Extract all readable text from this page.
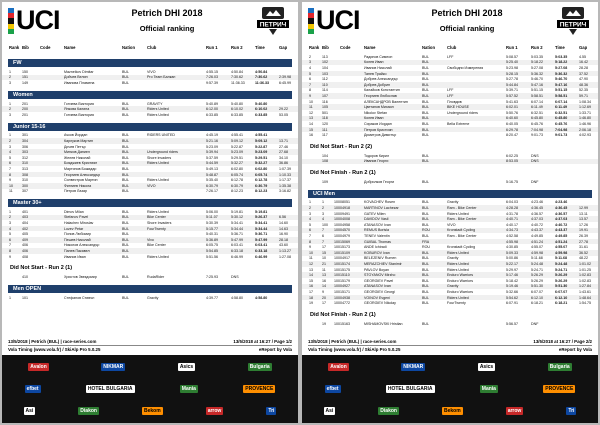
UCI	Petrich DHI 2018
Official ranking	ПЕТРИЧ
Rank Bib	Code	Name	Nation	Club	Run 1	Run 2	Time	Gap
FW
1	150	Mazneikov Dimitar	BUL	VIVO	4:55.15	4:50.84	4:50.84
2	151	Дойчев Велин	BUL	Pro Team Балкан	7:26.03	7:30.62	7:30.62	2:39.98
3	149	Иванова Пламена	BUL	9:57.39	11:36.33	11:36.33	6:45.99
Women
1	201	Гончева Виктория	BUL	GRAVITY	5:40.89	5:40.80	5:40.80
2	200	Янкова Калина	BUL	Riders United	6:12.00	6:10.02	6:10.02	29.22
3	201	Гончева Виктория	BUL	Riders United	6:33.85	6:33.85	6:33.85	53.05
Junior 15-16
1	301	Ачков Йордан	BUL	RIDERS UNITED	4:45.19	4:55.41	4:55.41
2	304	Карлуков Мартин	BUL	5:21.16	5:09.12	5:09.12	13.71
3	306	Дичев Петър	BUL	5:23.09	5:22.87	5:22.87	27.46
4	303	Минков Даниел	BUL	Underground riders	5:39.94	5:23.09	5:23.09	27.68
5	312	Желев Николай	BUL	Shore invaders	5:37.59	5:29.51	5:29.51	34.10
6	310	Бояджиев Кристиян	BUL	Riders United	5:44.59	5:32.27	5:32.27	36.86
7	313	Мартинов Божидар	BUL	5:49.13	6:02.80	6:02.80	1:07.39
8	308	Георгиев Александър	BUL	5:48.87	6:05.74	6:05.74	1:10.33
9	310	Силвестров Мартин	BUL	Riders United	5:35.40	6:12.78	6:12.78	1:17.37
10	300	Фингиев Никола	BUL	VIVO	6:30.79	6:30.79	6:30.79	1:35.38
11	307	Петров Лазар	BUL	7:26.17	8:12.23	8:12.23	3:16.82
Master 30+
1	401	Dimov Milan	BUL	Riders United	5:06.00	5:19.81	5:19.81
2	403	Stefanov Pavel	BUL	Bike Center	5:11.07	5:30.12	5:26.37	6.56
3	404	Halachev Miroslav	BUL	Shore Invaders	5:30.39	5:34.41	5:34.41	14.60
4	402	Lozev Petar	BUL	FourTwenty	5:15.77	5:34.44	5:34.44	14.63
5	405	Попов Любомир	BUL	5:40.31	5:36.71	5:36.71	16.90
6	409	Пешев Николай	BUL	Vivo	5:36.89	5:47.99	5:47.99	28.18
7	406	Николов Александър	BUL	Bike Center	6:05.75	6:03.41	6:03.41	43.60
8	406	Панев Пакавел	BUL	5:54.85	6:33.18	6:33.18	1:13.27
9	408	Иванов Иван	BUL	Riders United	5:51.56	6:46.99	6:46.99	1:27.08
Did Not Start - Run 2 (1)
410	Христов Звездомир	BUL	RudaRider	7:25.93	DNS
Men OPEN
1	101	Стефанов Стивън	BUL	Gravity	4:39.77	4:58.80	4:58.80
13/5/2018 | Petrich (BUL) | race-series.com	13/5/2018 at 16:27 / Page 1/2
Vola Timing (www.vola.fr) / SkiAlp Pro 5.0.25	eReport by Vola
Avalon	NIKMAR	Asics	Bulgaria
efbet	HOTEL BULGARIA	Mania	PROVENCE
Asi	Diakon	Bekom	arrow	Tri
UCI	Petrich DHI 2018
Official ranking	ПЕТРИЧ
Rank Bib	Code	Name	Nation	Club	Run 1	Run 2	Time	Gap
2	113	Радинов Симеон	BUL	LFF	5:08.57	5:03.35	5:03.35	4.55
3	102	Колев Иван	BUL	5:25.40	5:18.22	5:18.22	16.42
4	104	Иванов Николай	BUL	Свободни Измерения	5:23.98	5:27.08	5:27.08	28.28
5	103	Танев Трайко	BUL	5:28.15	5:36.32	5:36.32	37.52
6	112	Добрев Александър	BUL	5:27.78	5:46.70	5:46.70	47.90
7	110	Добрев Добрин	BUL	5:44.84	5:47.16	5:47.16	48.36
8	114	Калайков Константин	BUL	LFF	5:39.71	5:51.15	5:51.15	52.35
9	107	Георгиев Любослав	BUL	LFF	5:57.52	5:58.51	5:58.51	59.71
10	116	АЛЕКСАНДРОВ Валентин	BUL	Пловдив	5:41.63	6:07.14	6:07.14	1:08.34
11	105	Цветанов Михаил	BUL	BIKE HOUSE	6:02.01	6:11.49	6:11.49	1:12.69
12	501	Nikolov Stefan	BUL	Underground riders	5:50.76	6:32.51	6:32.51	1:33.71
13	118	Колев Иван	BUL	6:40.60	6:45.80	6:45.80	1:46.80
14	120	Сираков Иордан	BUL	Bella Extreme	6:40.05	6:45.76	6:45.76	1:46.96
15	111	Петров Кристиян	BUL	6:29.78	7:04.98	7:04.98	2:06.18
16	117	Димитров Димитър	BUL	8:20.47	9:01.73	9:01.73	4:02.93
Did Not Start - Run 2 (2)
104	Тодоров Кирил	BUL	6:02.25	DNS
108	Иванов Георги	BUL	8:53.05	DNS
Did Not Finish - Run 2 (1)
109	Добрилков Георги	BUL	5:16.75	DNF
UCI Men
1	1	10008051	KOVACHEV Rosen	BUL	Gravity	6:04.03	4:23.46	4:23.46
2	2	10004918	MARTINOV Lachezar	BUL	Ram - Bike Center	4:28.28	4:36.45	4:36.45	12.99
3	3	10009491	GATEV Milen	BUL	Riders United	4:31.78	4:36.57	4:36.57	13.11
4	4	10004008	DAVIDOV Vasil	BUL	Ram - Bike Center	4:40.71	4:37.03	4:37.03	13.57
5	100 10004958	ATANASOV Ivan	BUL	VIVO	4:40.17	4:40.72	4:40.72	17.26
6	7	10004570	REMUS Borisla	ROU	Kronstadt Cycling	4:34.73	4:43.37	4:43.37	19.91
7	6	10004979	TENEV Valentin	BUL	Ram - Bike Center	4:52.58	4:49.85	4:49.85	26.39
8	7	10015069	GUIBAL Thomas	FRA	4:55.98	4:51.24	4:51.24	27.78
9	17 10015173	ANDE Ichiradi	ROU	Kronstadt Cycling	4:30.85	4:55.07	4:55.07	31.61
10	15 10015109	KOBUROV Ivan	BUL	Riders United	5:09.33	4:59.98	4:59.98	36.52
11	10 10004917	BELEZENIV Rumen	BUL	Gravity	5:00.86	5:11.68	5:11.68	48.22
12	21 10015174	MERAZCHIEV Stanimir	BUL	Riders United	5:22.17	5:24.48	5:24.48	1:01.02
13	11 10015175	PAVLOV Boyan	BUL	Riders United	5:29.97	5:24.71	5:24.71	1:01.25
14	13 10015110	STOYANOV Mirzho	BUL	Enduro Warriors	5:17.46	5:26.29	5:26.29	1:02.83
15	16 10015179	GEORGIEV Pavel	BUL	Enduro Warriors	5:18.42	5:26.29	5:26.29	1:02.83
16	14 10004927	ATANASOV Ivan	BUL	Gravity	5:19.46	5:51.30	5:51.30	1:27.84
17	9	10015171	GEORGIEV Georgi	BUL	Enduro Warriors	5:32.66	6:07.07	6:07.07	1:43.61
18	20 10004938	VOINOV Evgeni	BUL	Riders United	5:54.62	6:12.10	6:12.10	1:48.64
19	17 10004772	GEORGIEV Nikolay	BUL	FourTwenty	6:07.91	6:18.21	6:18.21	1:54.75
Did Not Finish - Run 2 (1)
19 10015163	MISHAMOVSKI Hristian	BUL	5:56.57	DNF
13/5/2018 | Petrich (BUL) | race-series.com	13/5/2018 at 16:27 / Page 2/2
Vola Timing (www.vola.fr) / SkiAlp Pro 5.0.25	eReport by Vola
Avalon	NIKMAR	Asics	Bulgaria
efbet	HOTEL BULGARIA	Mania	PROVENCE
Asi	Diakon	Bekom	arrow	Tri
